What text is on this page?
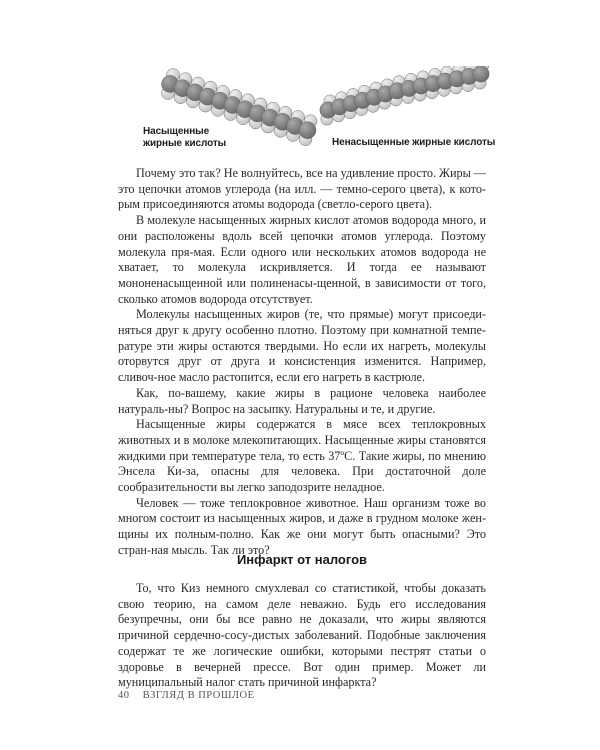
Насыщенные
жирные кислоты	Ненасыщенные жирные кислоты

Почему это так? Не волнуйтесь, все на удивление просто. Жиры — это цепочки атомов углерода (на илл. — темно-серого цвета), к кото-рым присоединяются атомы водорода (светло-серого цвета).

В молекуле насыщенных жирных кислот атомов водорода много, и они расположены вдоль всей цепочки атомов углерода. Поэтому молекула пря-мая. Если одного или нескольких атомов водорода не хватает, то молекула искривляется. И тогда ее называют мононенасыщенной или полиненасы-щенной, в зависимости от того, сколько атомов водорода отсутствует.

Молекулы насыщенных жиров (те, что прямые) могут присоеди-няться друг к другу особенно плотно. Поэтому при комнатной темпе-ратуре эти жиры остаются твердыми. Но если их нагреть, молекулы оторвутся друг от друга и консистенция изменится. Например, сливоч-ное масло растопится, если его нагреть в кастрюле.

Как, по-вашему, какие жиры в рационе человека наиболее натураль-ны? Вопрос на засыпку. Натуральны и те, и другие.

Насыщенные жиры содержатся в мясе всех теплокровных животных и в молоке млекопитающих. Насыщенные жиры становятся жидкими при температуре тела, то есть 37ºС. Такие жиры, по мнению Энсела Ки-за, опасны для человека. При достаточной доле сообразительности вы легко заподозрите неладное.

Человек — тоже теплокровное животное. Наш организм тоже во многом состоит из насыщенных жиров, и даже в грудном молоке жен-щины их полным-полно. Как же они могут быть опасными? Это стран-ная мысль. Так ли это?

Инфаркт от налогов

То, что Киз немного смухлевал со статистикой, чтобы доказать свою теорию, на самом деле неважно. Будь его исследования безупречны, они бы все равно не доказали, что жиры являются причиной сердечно-сосу-дистых заболеваний. Подобные заключения содержат те же логические ошибки, которыми пестрят статьи о здоровье в вечерней прессе. Вот один пример. Может ли муниципальный налог стать причиной инфаркта?

40 ВЗГЛЯД В ПРОШЛОЕ
